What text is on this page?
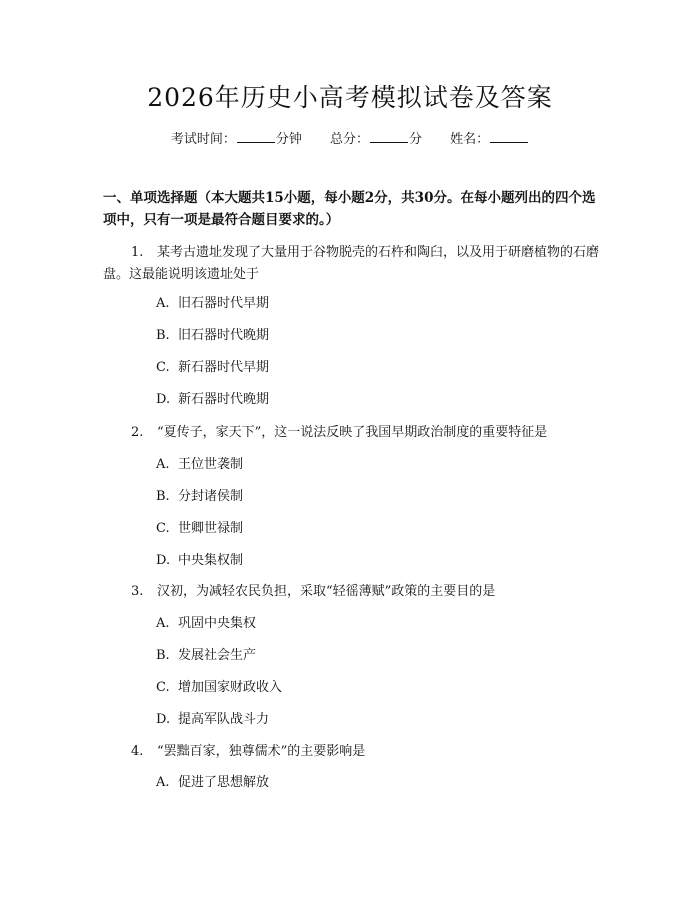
2026年历史小高考模拟试卷及答案
考试时间：	分钟 总分：	分 姓名：
一、单项选择题（本大题共15小题，每小题2分，共30分。在每小题列出的四个选项中，只有一项是最符合题目要求的。）
1. 某考古遗址发现了大量用于谷物脱壳的石杵和陶臼，以及用于研磨植物的石磨盘。这最能说明该遗址处于
A. 旧石器时代早期
B. 旧石器时代晚期
C. 新石器时代早期
D. 新石器时代晚期
2. “夏传子，家天下”，这一说法反映了我国早期政治制度的重要特征是
A. 王位世袭制
B. 分封诸侯制
C. 世卿世禄制
D. 中央集权制
3. 汉初，为减轻农民负担，采取“轻徭薄赋”政策的主要目的是
A. 巩固中央集权
B. 发展社会生产
C. 增加国家财政收入
D. 提高军队战斗力
4. “罢黜百家，独尊儒术”的主要影响是
A. 促进了思想解放
